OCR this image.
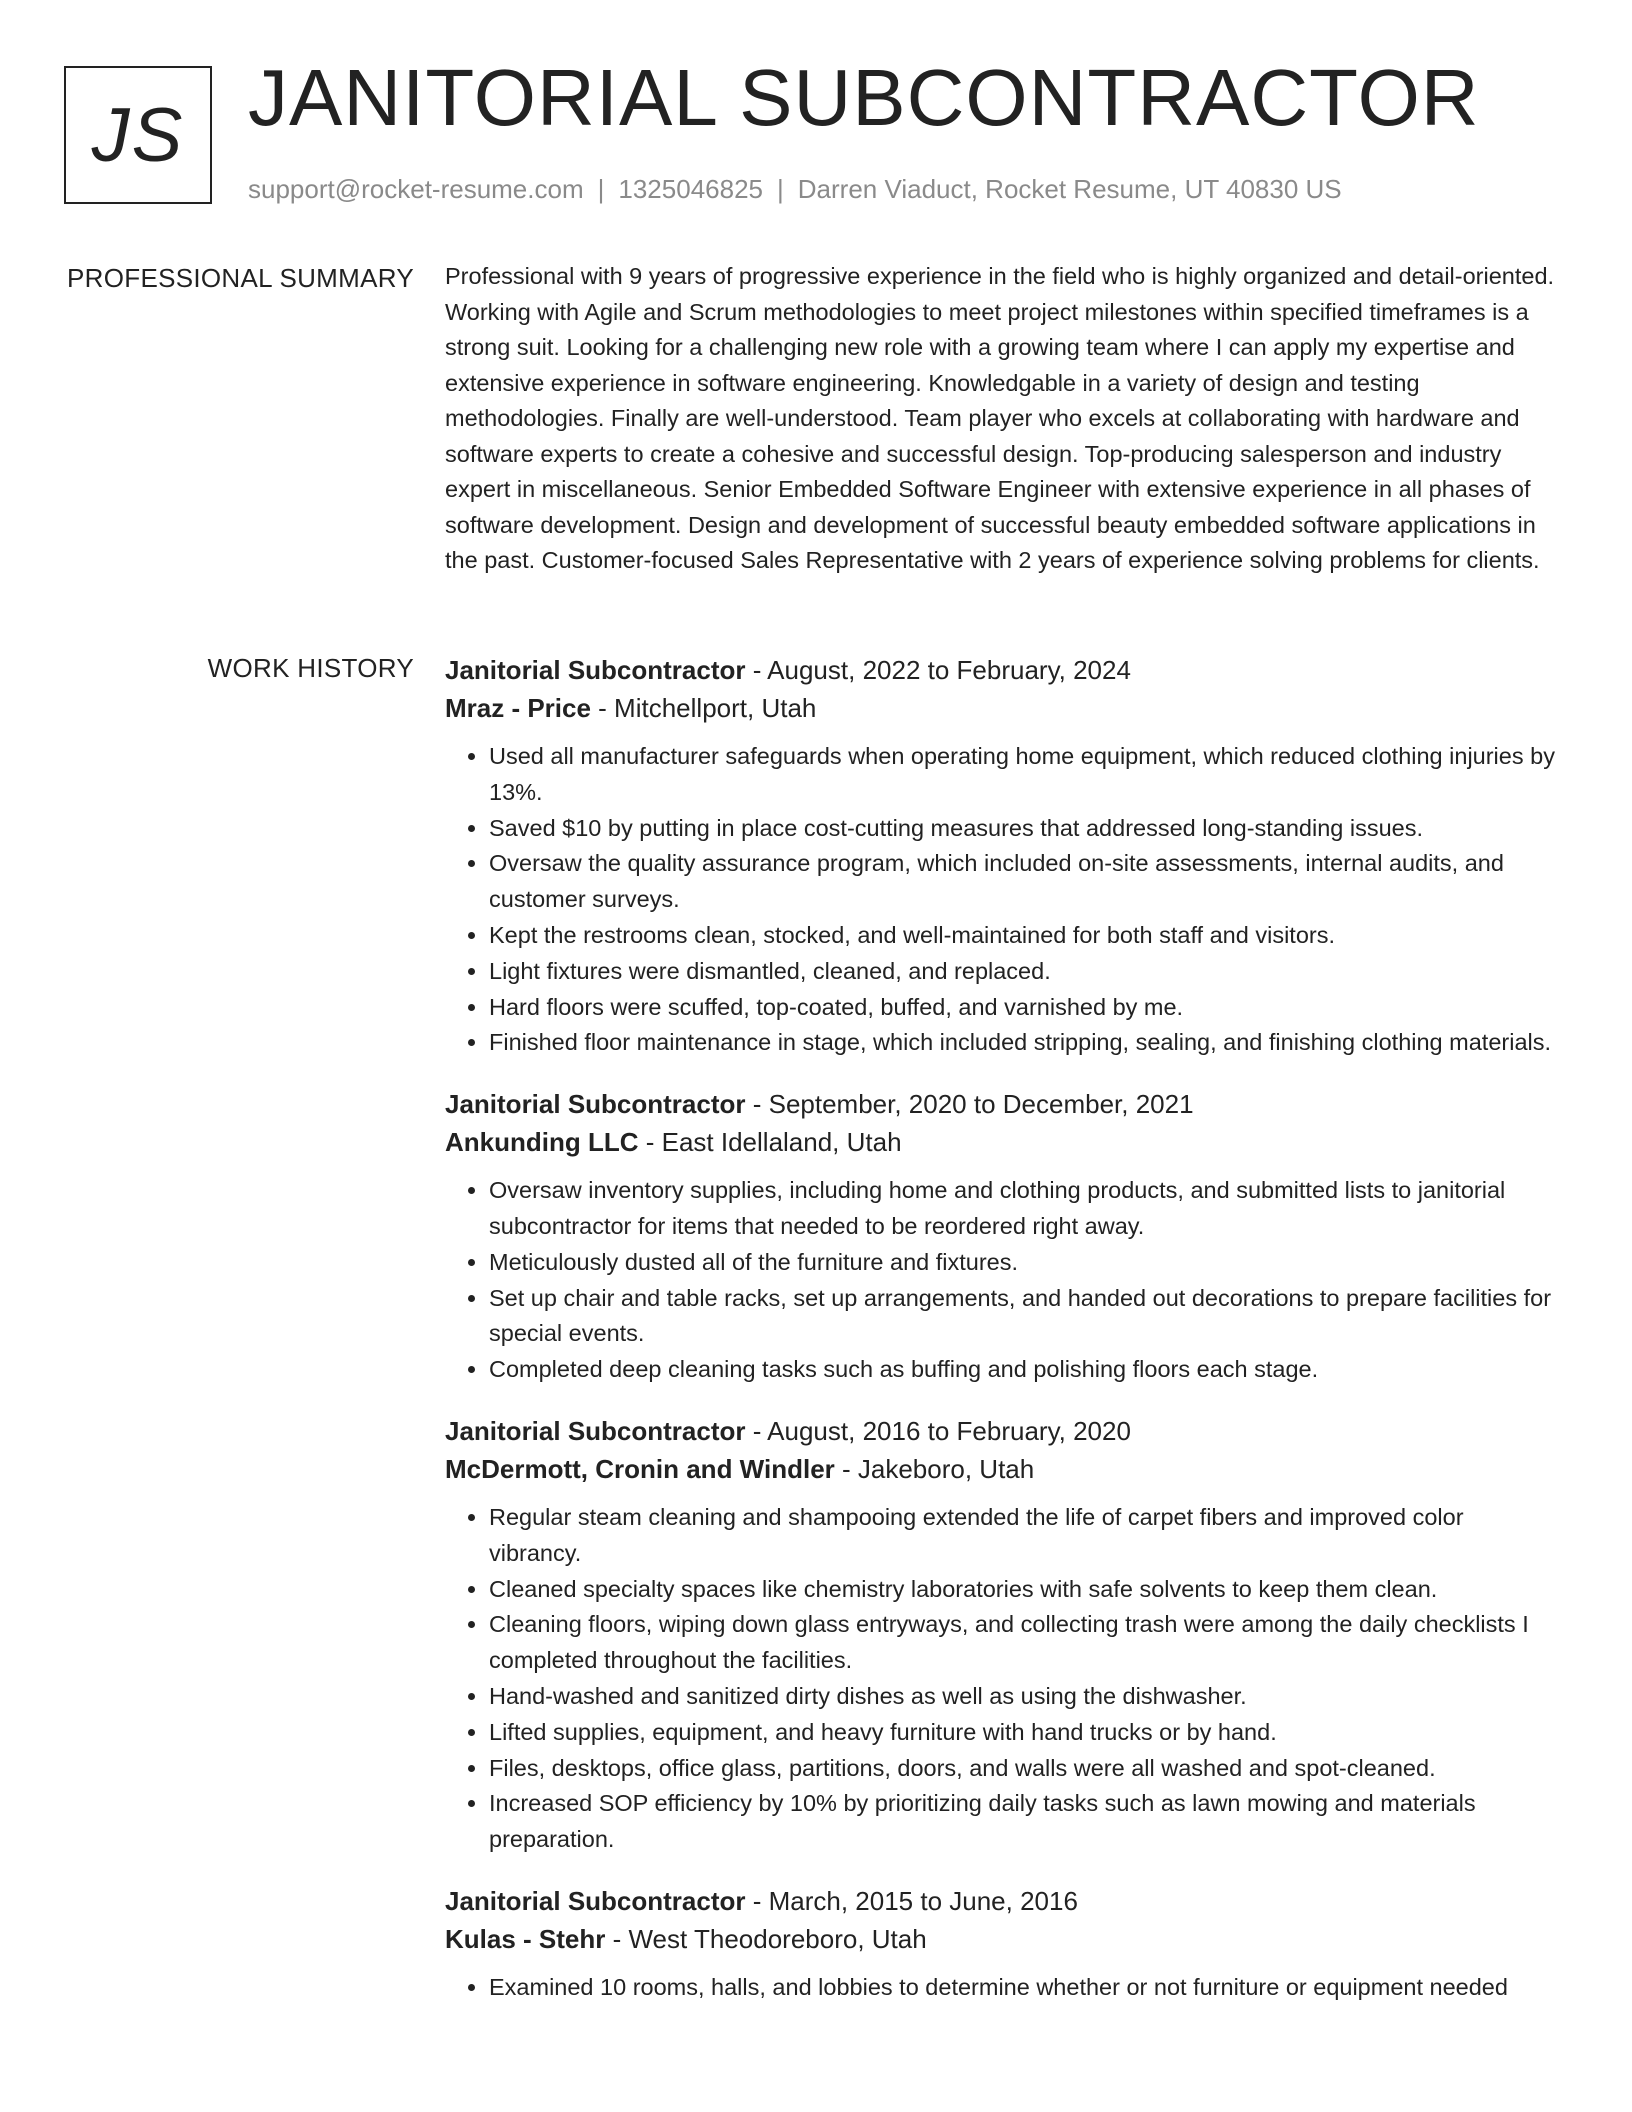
JS JANITORIAL SUBCONTRACTOR
support@rocket-resume.com | 1325046825 | Darren Viaduct, Rocket Resume, UT 40830 US
PROFESSIONAL SUMMARY Professional with 9 years of progressive experience in the field who is highly organized and detail-oriented. Working with Agile and Scrum methodologies to meet project milestones within specified timeframes is a strong suit. Looking for a challenging new role with a growing team where I can apply my expertise and extensive experience in software engineering. Knowledgable in a variety of design and testing methodologies. Finally are well-understood. Team player who excels at collaborating with hardware and software experts to create a cohesive and successful design. Top-producing salesperson and industry expert in miscellaneous. Senior Embedded Software Engineer with extensive experience in all phases of software development. Design and development of successful beauty embedded software applications in the past. Customer-focused Sales Representative with 2 years of experience solving problems for clients.
WORK HISTORY Janitorial Subcontractor - August, 2022 to February, 2024
Mraz - Price - Mitchellport, Utah
• Used all manufacturer safeguards when operating home equipment, which reduced clothing injuries by 13%.
• Saved $10 by putting in place cost-cutting measures that addressed long-standing issues.
• Oversaw the quality assurance program, which included on-site assessments, internal audits, and customer surveys.
• Kept the restrooms clean, stocked, and well-maintained for both staff and visitors.
• Light fixtures were dismantled, cleaned, and replaced.
• Hard floors were scuffed, top-coated, buffed, and varnished by me.
• Finished floor maintenance in stage, which included stripping, sealing, and finishing clothing materials.
Janitorial Subcontractor - September, 2020 to December, 2021
Ankunding LLC - East Idellaland, Utah
• Oversaw inventory supplies, including home and clothing products, and submitted lists to janitorial subcontractor for items that needed to be reordered right away.
• Meticulously dusted all of the furniture and fixtures.
• Set up chair and table racks, set up arrangements, and handed out decorations to prepare facilities for special events.
• Completed deep cleaning tasks such as buffing and polishing floors each stage.
Janitorial Subcontractor - August, 2016 to February, 2020
McDermott, Cronin and Windler - Jakeboro, Utah
• Regular steam cleaning and shampooing extended the life of carpet fibers and improved color vibrancy.
• Cleaned specialty spaces like chemistry laboratories with safe solvents to keep them clean.
• Cleaning floors, wiping down glass entryways, and collecting trash were among the daily checklists I completed throughout the facilities.
• Hand-washed and sanitized dirty dishes as well as using the dishwasher.
• Lifted supplies, equipment, and heavy furniture with hand trucks or by hand.
• Files, desktops, office glass, partitions, doors, and walls were all washed and spot-cleaned.
• Increased SOP efficiency by 10% by prioritizing daily tasks such as lawn mowing and materials preparation.
Janitorial Subcontractor - March, 2015 to June, 2016
Kulas - Stehr - West Theodoreboro, Utah
• Examined 10 rooms, halls, and lobbies to determine whether or not furniture or equipment needed
